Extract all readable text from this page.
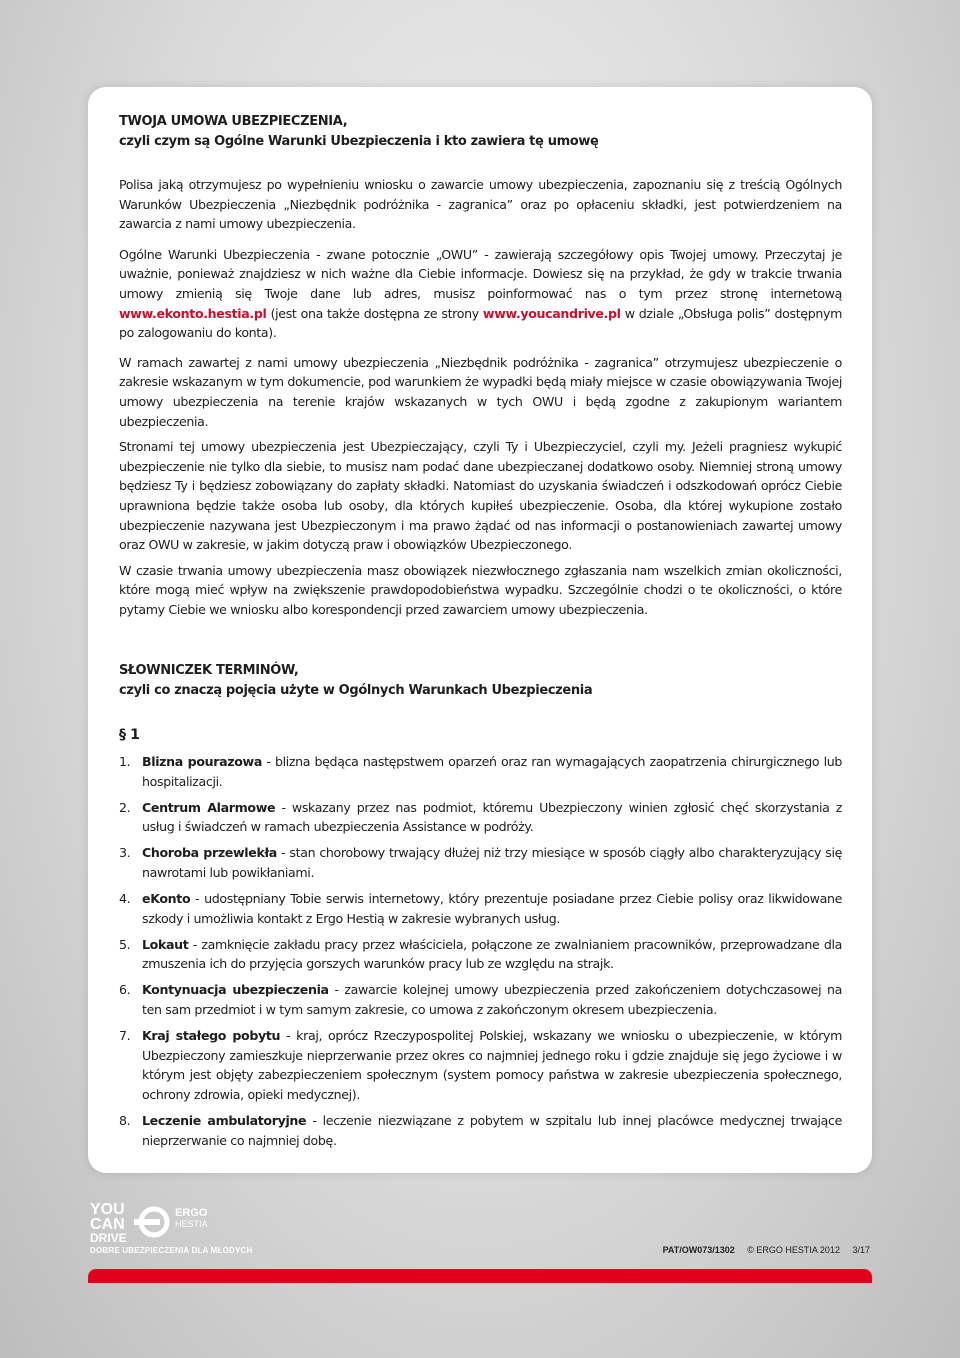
TWOJA UMOWA UBEZPIECZENIA,
czyli czym są Ogólne Warunki Ubezpieczenia i kto zawiera tę umowę

Polisa jaką otrzymujesz po wypełnieniu wniosku o zawarcie umowy ubezpieczenia, zapoznaniu się z treścią Ogólnych Warunków Ubezpieczenia „Niezbędnik podróżnika - zagranica” oraz po opłaceniu składki, jest potwierdzeniem na zawarcia z nami umowy ubezpieczenia.

Ogólne Warunki Ubezpieczenia - zwane potocznie „OWU” - zawierają szczegółowy opis Twojej umowy. Przeczytaj je uważnie, ponieważ znajdziesz w nich ważne dla Ciebie informacje. Dowiesz się na przykład, że gdy w trakcie trwania umowy zmienią się Twoje dane lub adres, musisz poinformować nas o tym przez stronę internetową www.ekonto.hestia.pl (jest ona także dostępna ze strony www.youcandrive.pl w dziale „Obsługa polis” dostępnym po zalogowaniu do konta).

W ramach zawartej z nami umowy ubezpieczenia „Niezbędnik podróżnika - zagranica” otrzymujesz ubezpieczenie o zakresie wskazanym w tym dokumencie, pod warunkiem że wypadki będą miały miejsce w czasie obowiązywania Twojej umowy ubezpieczenia na terenie krajów wskazanych w tych OWU i będą zgodne z zakupionym wariantem ubezpieczenia.

Stronami tej umowy ubezpieczenia jest Ubezpieczający, czyli Ty i Ubezpieczyciel, czyli my. Jeżeli pragniesz wykupić ubezpieczenie nie tylko dla siebie, to musisz nam podać dane ubezpieczanej dodatkowo osoby. Niemniej stroną umowy będziesz Ty i będziesz zobowiązany do zapłaty składki. Natomiast do uzyskania świadczeń i odszkodowań oprócz Ciebie uprawniona będzie także osoba lub osoby, dla których kupiłeś ubezpieczenie. Osoba, dla której wykupione zostało ubezpieczenie nazywana jest Ubezpieczonym i ma prawo żądać od nas informacji o postanowieniach zawartej umowy oraz OWU w zakresie, w jakim dotyczą praw i obowiązków Ubezpieczonego.

W czasie trwania umowy ubezpieczenia masz obowiązek niezwłocznego zgłaszania nam wszelkich zmian okoliczności, które mogą mieć wpływ na zwiększenie prawdopodobieństwa wypadku. Szczególnie chodzi o te okoliczności, o które pytamy Ciebie we wniosku albo korespondencji przed zawarciem umowy ubezpieczenia.

SŁOWNICZEK TERMINÓW,
czyli co znaczą pojęcia użyte w Ogólnych Warunkach Ubezpieczenia
§ 1
1. Blizna pourazowa - blizna będąca następstwem oparzeń oraz ran wymagających zaopatrzenia chirurgicznego lub hospitalizacji.
2. Centrum Alarmowe - wskazany przez nas podmiot, któremu Ubezpieczony winien zgłosić chęć skorzystania z usług i świadczeń w ramach ubezpieczenia Assistance w podróży.
3. Choroba przewlekła - stan chorobowy trwający dłużej niż trzy miesiące w sposób ciągły albo charakteryzujący się nawrotami lub powikłaniami.
4. eKonto - udostępniany Tobie serwis internetowy, który prezentuje posiadane przez Ciebie polisy oraz likwidowane szkody i umożliwia kontakt z Ergo Hestią w zakresie wybranych usług.
5. Lokaut - zamknięcie zakładu pracy przez właściciela, połączone ze zwalnianiem pracowników, przeprowadzane dla zmuszenia ich do przyjęcia gorszych warunków pracy lub ze względu na strajk.
6. Kontynuacja ubezpieczenia - zawarcie kolejnej umowy ubezpieczenia przed zakończeniem dotychczasowej na ten sam przedmiot i w tym samym zakresie, co umowa z zakończonym okresem ubezpieczenia.
7. Kraj stałego pobytu - kraj, oprócz Rzeczypospolitej Polskiej, wskazany we wniosku o ubezpieczenie, w którym Ubezpieczony zamieszkuje nieprzerwanie przez okres co najmniej jednego roku i gdzie znajduje się jego życiowe i w którym jest objęty zabezpieczeniem społecznym (system pomocy państwa w zakresie ubezpieczenia społecznego, ochrony zdrowia, opieki medycznej).
8. Leczenie ambulatoryjne - leczenie niezwiązane z pobytem w szpitalu lub innej placówce medycznej trwające nieprzerwanie co najmniej dobę.
YOU
CAN
DRIVE
ERGO
HESTIA
DOBRE UBEZPIECZENIA DLA MŁODYCH	PAT/OW073/1302 © ERGO HESTIA 2012 3/17
